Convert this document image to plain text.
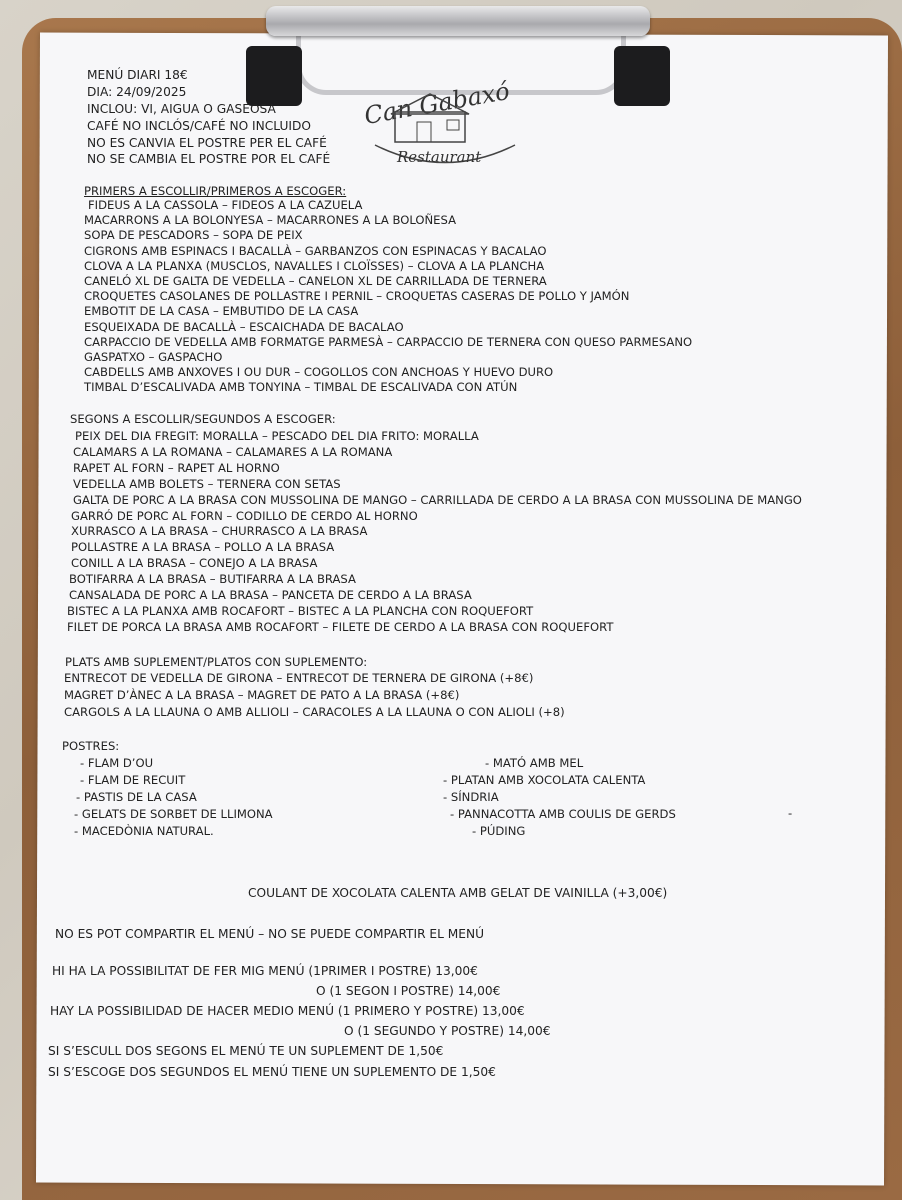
Can Gabaxó
Restaurant
MENÚ DIARI 18€
DIA: 24/09/2025
INCLOU: VI, AIGUA O GASEOSA
CAFÉ NO INCLÓS/CAFÉ NO INCLUIDO
NO ES CANVIA EL POSTRE PER EL CAFÉ
NO SE CAMBIA EL POSTRE POR EL CAFÉ
PRIMERS A ESCOLLIR/PRIMEROS A ESCOGER:
FIDEUS A LA CASSOLA – FIDEOS A LA CAZUELA
MACARRONS A LA BOLONYESA – MACARRONES A LA BOLOÑESA
SOPA DE PESCADORS – SOPA DE PEIX
CIGRONS AMB ESPINACS I BACALLÀ – GARBANZOS CON ESPINACAS Y BACALAO
CLOVA A LA PLANXA (MUSCLOS, NAVALLES I CLOÏSSES) – CLOVA A LA PLANCHA
CANELÓ XL DE GALTA DE VEDELLA – CANELON XL DE CARRILLADA DE TERNERA
CROQUETES CASOLANES DE POLLASTRE I PERNIL – CROQUETAS CASERAS DE POLLO Y JAMÓN
EMBOTIT DE LA CASA – EMBUTIDO DE LA CASA
ESQUEIXADA DE BACALLÀ – ESCAICHADA DE BACALAO
CARPACCIO DE VEDELLA AMB FORMATGE PARMESÀ – CARPACCIO DE TERNERA CON QUESO PARMESANO
GASPATXO – GASPACHO
CABDELLS AMB ANXOVES I OU DUR – COGOLLOS CON ANCHOAS Y HUEVO DURO
TIMBAL D’ESCALIVADA AMB TONYINA – TIMBAL DE ESCALIVADA CON ATÚN
SEGONS A ESCOLLIR/SEGUNDOS A ESCOGER:
PEIX DEL DIA FREGIT: MORALLA – PESCADO DEL DIA FRITO: MORALLA
CALAMARS A LA ROMANA – CALAMARES A LA ROMANA
RAPET AL FORN – RAPET AL HORNO
VEDELLA AMB BOLETS – TERNERA CON SETAS
GALTA DE PORC A LA BRASA CON MUSSOLINA DE MANGO – CARRILLADA DE CERDO A LA BRASA CON MUSSOLINA DE MANGO
GARRÓ DE PORC AL FORN – CODILLO DE CERDO AL HORNO
XURRASCO A LA BRASA – CHURRASCO A LA BRASA
POLLASTRE A LA BRASA – POLLO A LA BRASA
CONILL A LA BRASA – CONEJO A LA BRASA
BOTIFARRA A LA BRASA – BUTIFARRA A LA BRASA
CANSALADA DE PORC A LA BRASA – PANCETA DE CERDO A LA BRASA
BISTEC A LA PLANXA AMB ROCAFORT – BISTEC A LA PLANCHA CON ROQUEFORT
FILET DE PORCA LA BRASA AMB ROCAFORT – FILETE DE CERDO A LA BRASA CON ROQUEFORT
PLATS AMB SUPLEMENT/PLATOS CON SUPLEMENTO:
ENTRECOT DE VEDELLA DE GIRONA – ENTRECOT DE TERNERA DE GIRONA (+8€)
MAGRET D’ÀNEC A LA BRASA – MAGRET DE PATO A LA BRASA (+8€)
CARGOLS A LA LLAUNA O AMB ALLIOLI – CARACOLES A LA LLAUNA O CON ALIOLI (+8)
POSTRES:
- FLAM D’OU
- FLAM DE RECUIT
- PASTIS DE LA CASA
- GELATS DE SORBET DE LLIMONA
- MACEDÒNIA NATURAL.
- MATÓ AMB MEL
- PLATAN AMB XOCOLATA CALENTA
- SÍNDRIA
- PANNACOTTA AMB COULIS DE GERDS
- PÚDING
-
COULANT DE XOCOLATA CALENTA AMB GELAT DE VAINILLA (+3,00€)
NO ES POT COMPARTIR EL MENÚ – NO SE PUEDE COMPARTIR EL MENÚ
HI HA LA POSSIBILITAT DE FER MIG MENÚ (1PRIMER I POSTRE) 13,00€
O (1 SEGON I POSTRE) 14,00€
HAY LA POSSIBILIDAD DE HACER MEDIO MENÚ (1 PRIMERO Y POSTRE) 13,00€
O (1 SEGUNDO Y POSTRE) 14,00€
SI S’ESCULL DOS SEGONS EL MENÚ TE UN SUPLEMENT DE 1,50€
SI S’ESCOGE DOS SEGUNDOS EL MENÚ TIENE UN SUPLEMENTO DE 1,50€
